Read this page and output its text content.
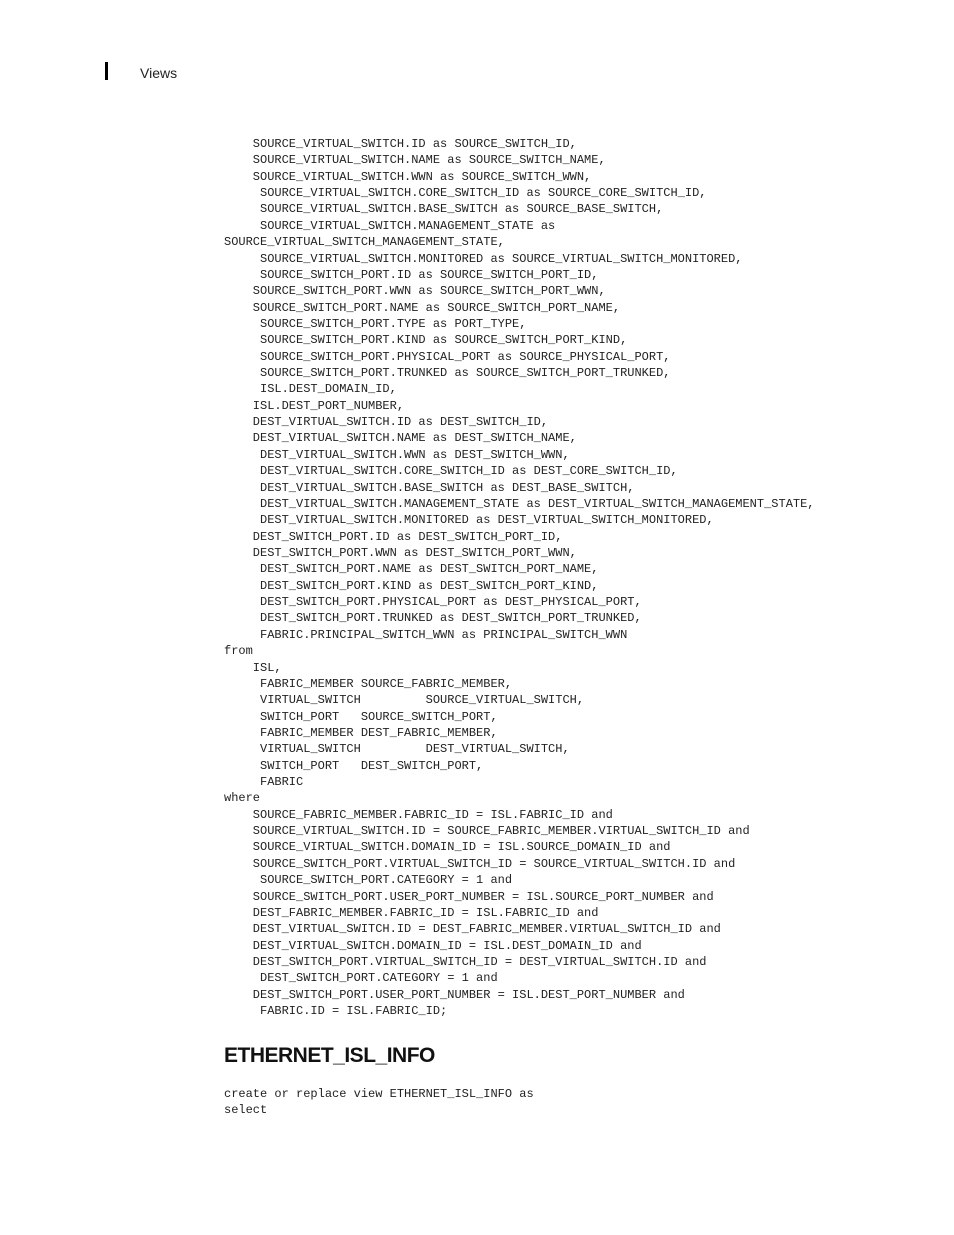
Views
SOURCE_VIRTUAL_SWITCH.ID as SOURCE_SWITCH_ID,
SOURCE_VIRTUAL_SWITCH.NAME as SOURCE_SWITCH_NAME,
SOURCE_VIRTUAL_SWITCH.WWN as SOURCE_SWITCH_WWN,
SOURCE_VIRTUAL_SWITCH.CORE_SWITCH_ID as SOURCE_CORE_SWITCH_ID,
SOURCE_VIRTUAL_SWITCH.BASE_SWITCH as SOURCE_BASE_SWITCH,
SOURCE_VIRTUAL_SWITCH.MANAGEMENT_STATE as
SOURCE_VIRTUAL_SWITCH_MANAGEMENT_STATE,
SOURCE_VIRTUAL_SWITCH.MONITORED as SOURCE_VIRTUAL_SWITCH_MONITORED,
SOURCE_SWITCH_PORT.ID as SOURCE_SWITCH_PORT_ID,
SOURCE_SWITCH_PORT.WWN as SOURCE_SWITCH_PORT_WWN,
SOURCE_SWITCH_PORT.NAME as SOURCE_SWITCH_PORT_NAME,
SOURCE_SWITCH_PORT.TYPE as PORT_TYPE,
SOURCE_SWITCH_PORT.KIND as SOURCE_SWITCH_PORT_KIND,
SOURCE_SWITCH_PORT.PHYSICAL_PORT as SOURCE_PHYSICAL_PORT,
SOURCE_SWITCH_PORT.TRUNKED as SOURCE_SWITCH_PORT_TRUNKED,
ISL.DEST_DOMAIN_ID,
ISL.DEST_PORT_NUMBER,
DEST_VIRTUAL_SWITCH.ID as DEST_SWITCH_ID,
DEST_VIRTUAL_SWITCH.NAME as DEST_SWITCH_NAME,
DEST_VIRTUAL_SWITCH.WWN as DEST_SWITCH_WWN,
DEST_VIRTUAL_SWITCH.CORE_SWITCH_ID as DEST_CORE_SWITCH_ID,
DEST_VIRTUAL_SWITCH.BASE_SWITCH as DEST_BASE_SWITCH,
DEST_VIRTUAL_SWITCH.MANAGEMENT_STATE as DEST_VIRTUAL_SWITCH_MANAGEMENT_STATE,
DEST_VIRTUAL_SWITCH.MONITORED as DEST_VIRTUAL_SWITCH_MONITORED,
DEST_SWITCH_PORT.ID as DEST_SWITCH_PORT_ID,
DEST_SWITCH_PORT.WWN as DEST_SWITCH_PORT_WWN,
DEST_SWITCH_PORT.NAME as DEST_SWITCH_PORT_NAME,
DEST_SWITCH_PORT.KIND as DEST_SWITCH_PORT_KIND,
DEST_SWITCH_PORT.PHYSICAL_PORT as DEST_PHYSICAL_PORT,
DEST_SWITCH_PORT.TRUNKED as DEST_SWITCH_PORT_TRUNKED,
FABRIC.PRINCIPAL_SWITCH_WWN as PRINCIPAL_SWITCH_WWN
from
ISL,
FABRIC_MEMBER SOURCE_FABRIC_MEMBER,
VIRTUAL_SWITCH         SOURCE_VIRTUAL_SWITCH,
SWITCH_PORT   SOURCE_SWITCH_PORT,
FABRIC_MEMBER DEST_FABRIC_MEMBER,
VIRTUAL_SWITCH         DEST_VIRTUAL_SWITCH,
SWITCH_PORT   DEST_SWITCH_PORT,
FABRIC
where
SOURCE_FABRIC_MEMBER.FABRIC_ID = ISL.FABRIC_ID and
SOURCE_VIRTUAL_SWITCH.ID = SOURCE_FABRIC_MEMBER.VIRTUAL_SWITCH_ID and
SOURCE_VIRTUAL_SWITCH.DOMAIN_ID = ISL.SOURCE_DOMAIN_ID and
SOURCE_SWITCH_PORT.VIRTUAL_SWITCH_ID = SOURCE_VIRTUAL_SWITCH.ID and
SOURCE_SWITCH_PORT.CATEGORY = 1 and
SOURCE_SWITCH_PORT.USER_PORT_NUMBER = ISL.SOURCE_PORT_NUMBER and
DEST_FABRIC_MEMBER.FABRIC_ID = ISL.FABRIC_ID and
DEST_VIRTUAL_SWITCH.ID = DEST_FABRIC_MEMBER.VIRTUAL_SWITCH_ID and
DEST_VIRTUAL_SWITCH.DOMAIN_ID = ISL.DEST_DOMAIN_ID and
DEST_SWITCH_PORT.VIRTUAL_SWITCH_ID = DEST_VIRTUAL_SWITCH.ID and
DEST_SWITCH_PORT.CATEGORY = 1 and
DEST_SWITCH_PORT.USER_PORT_NUMBER = ISL.DEST_PORT_NUMBER and
FABRIC.ID = ISL.FABRIC_ID;
ETHERNET_ISL_INFO
create or replace view ETHERNET_ISL_INFO as
select
